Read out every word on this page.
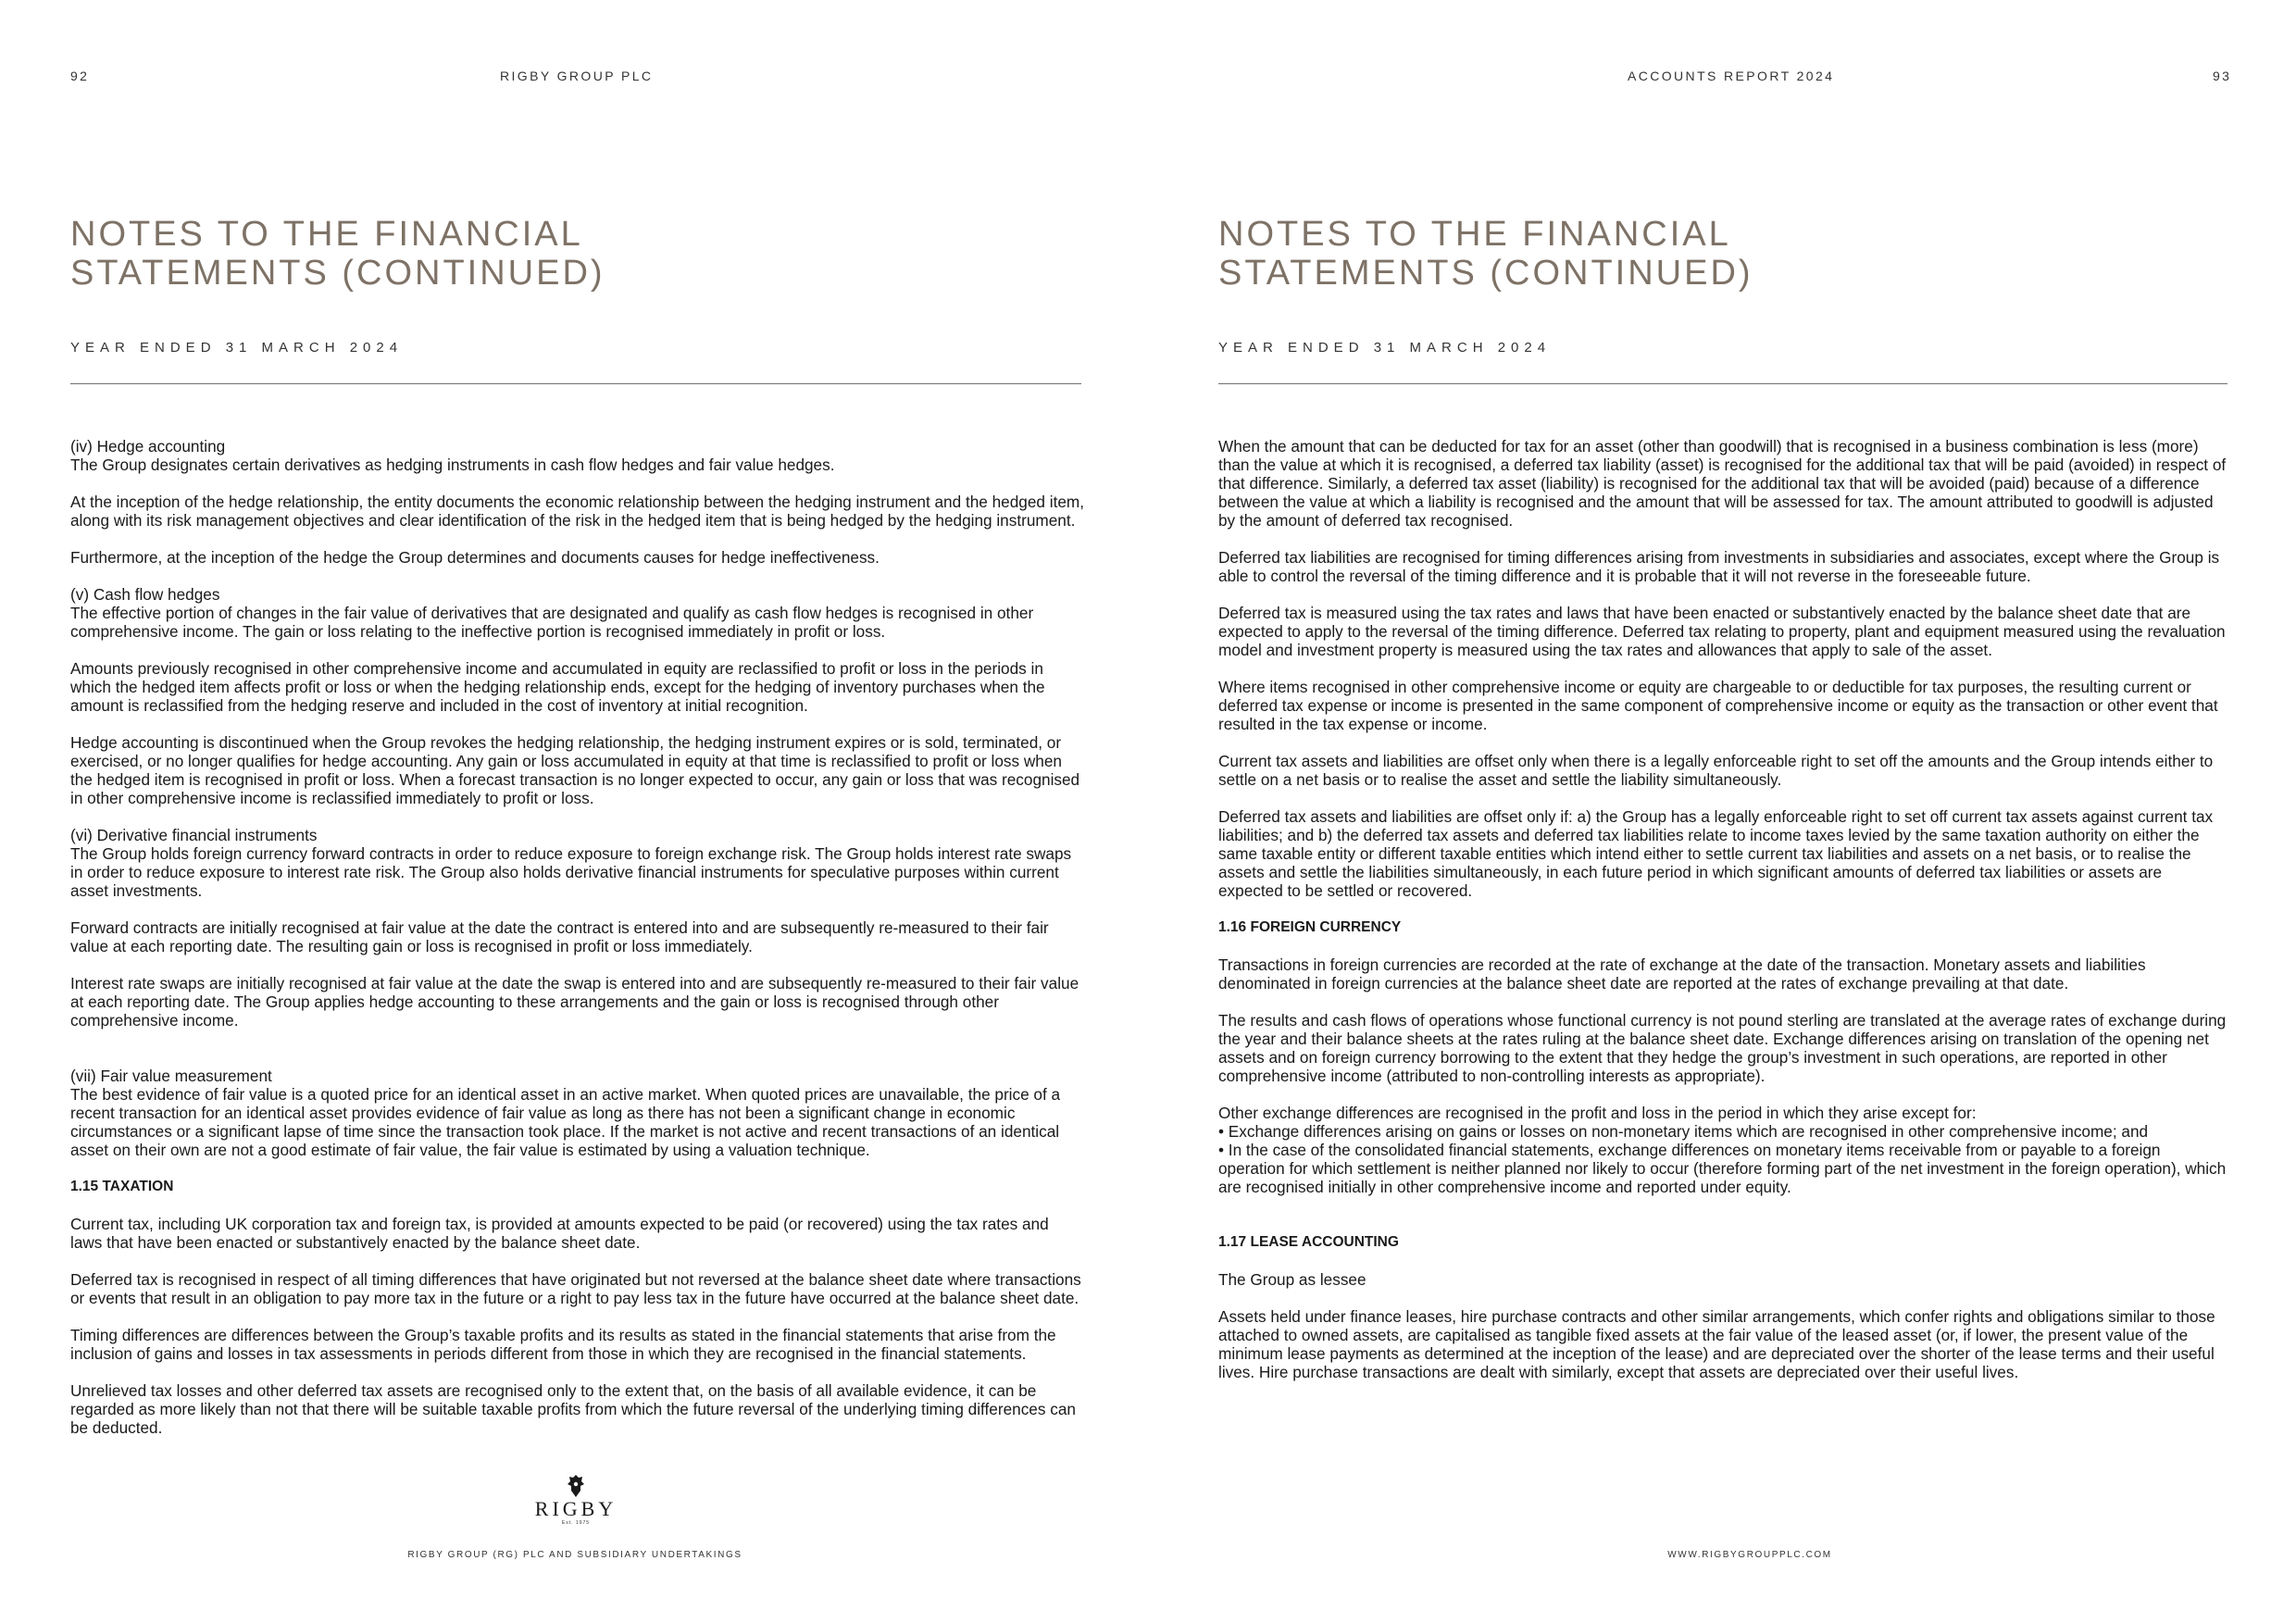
92	RIGBY GROUP PLC
NOTES TO THE FINANCIAL
STATEMENTS (CONTINUED)
YEAR ENDED 31 MARCH 2024

(iv) Hedge accounting

The Group designates certain derivatives as hedging instruments in cash flow hedges and fair value hedges.

At the inception of the hedge relationship, the entity documents the economic relationship between the hedging instrument and the hedged item, along with its risk management objectives and clear identification of the risk in the hedged item that is being hedged by the hedging instrument.

Furthermore, at the inception of the hedge the Group determines and documents causes for hedge ineffectiveness.

(v) Cash flow hedges

The effective portion of changes in the fair value of derivatives that are designated and qualify as cash flow hedges is recognised in other comprehensive income. The gain or loss relating to the ineffective portion is recognised immediately in profit or loss.

Amounts previously recognised in other comprehensive income and accumulated in equity are reclassified to profit or loss in the periods in which the hedged item affects profit or loss or when the hedging relationship ends, except for the hedging of inventory purchases when the amount is reclassified from the hedging reserve and included in the cost of inventory at initial recognition.

Hedge accounting is discontinued when the Group revokes the hedging relationship, the hedging instrument expires or is sold, terminated, or exercised, or no longer qualifies for hedge accounting. Any gain or loss accumulated in equity at that time is reclassified to profit or loss when the hedged item is recognised in profit or loss. When a forecast transaction is no longer expected to occur, any gain or loss that was recognised in other comprehensive income is reclassified immediately to profit or loss.

(vi) Derivative financial instruments

The Group holds foreign currency forward contracts in order to reduce exposure to foreign exchange risk. The Group holds interest rate swaps in order to reduce exposure to interest rate risk. The Group also holds derivative financial instruments for speculative purposes within current asset investments.

Forward contracts are initially recognised at fair value at the date the contract is entered into and are subsequently re-measured to their fair value at each reporting date. The resulting gain or loss is recognised in profit or loss immediately.

Interest rate swaps are initially recognised at fair value at the date the swap is entered into and are subsequently re-measured to their fair value at each reporting date. The Group applies hedge accounting to these arrangements and the gain or loss is recognised through other comprehensive income.

(vii) Fair value measurement

The best evidence of fair value is a quoted price for an identical asset in an active market. When quoted prices are unavailable, the price of a recent transaction for an identical asset provides evidence of fair value as long as there has not been a significant change in economic circumstances or a significant lapse of time since the transaction took place. If the market is not active and recent transactions of an identical asset on their own are not a good estimate of fair value, the fair value is estimated by using a valuation technique.

1.15 TAXATION

Current tax, including UK corporation tax and foreign tax, is provided at amounts expected to be paid (or recovered) using the tax rates and laws that have been enacted or substantively enacted by the balance sheet date.

Deferred tax is recognised in respect of all timing differences that have originated but not reversed at the balance sheet date where transactions or events that result in an obligation to pay more tax in the future or a right to pay less tax in the future have occurred at the balance sheet date.

Timing differences are differences between the Group’s taxable profits and its results as stated in the financial statements that arise from the inclusion of gains and losses in tax assessments in periods different from those in which they are recognised in the financial statements.

Unrelieved tax losses and other deferred tax assets are recognised only to the extent that, on the basis of all available evidence, it can be regarded as more likely than not that there will be suitable taxable profits from which the future reversal of the underlying timing differences can be deducted.

RIGBY
Est. 1975
RIGBY GROUP (RG) PLC AND SUBSIDIARY UNDERTAKINGS
ACCOUNTS REPORT 2024	93
NOTES TO THE FINANCIAL
STATEMENTS (CONTINUED)
YEAR ENDED 31 MARCH 2024

When the amount that can be deducted for tax for an asset (other than goodwill) that is recognised in a business combination is less (more) than the value at which it is recognised, a deferred tax liability (asset) is recognised for the additional tax that will be paid (avoided) in respect of that difference. Similarly, a deferred tax asset (liability) is recognised for the additional tax that will be avoided (paid) because of a difference between the value at which a liability is recognised and the amount that will be assessed for tax. The amount attributed to goodwill is adjusted by the amount of deferred tax recognised.

Deferred tax liabilities are recognised for timing differences arising from investments in subsidiaries and associates, except where the Group is able to control the reversal of the timing difference and it is probable that it will not reverse in the foreseeable future.

Deferred tax is measured using the tax rates and laws that have been enacted or substantively enacted by the balance sheet date that are expected to apply to the reversal of the timing difference. Deferred tax relating to property, plant and equipment measured using the revaluation model and investment property is measured using the tax rates and allowances that apply to sale of the asset.

Where items recognised in other comprehensive income or equity are chargeable to or deductible for tax purposes, the resulting current or deferred tax expense or income is presented in the same component of comprehensive income or equity as the transaction or other event that resulted in the tax expense or income.

Current tax assets and liabilities are offset only when there is a legally enforceable right to set off the amounts and the Group intends either to settle on a net basis or to realise the asset and settle the liability simultaneously.

Deferred tax assets and liabilities are offset only if: a) the Group has a legally enforceable right to set off current tax assets against current tax liabilities; and b) the deferred tax assets and deferred tax liabilities relate to income taxes levied by the same taxation authority on either the same taxable entity or different taxable entities which intend either to settle current tax liabilities and assets on a net basis, or to realise the assets and settle the liabilities simultaneously, in each future period in which significant amounts of deferred tax liabilities or assets are expected to be settled or recovered.

1.16 FOREIGN CURRENCY

Transactions in foreign currencies are recorded at the rate of exchange at the date of the transaction. Monetary assets and liabilities denominated in foreign currencies at the balance sheet date are reported at the rates of exchange prevailing at that date.

The results and cash flows of operations whose functional currency is not pound sterling are translated at the average rates of exchange during the year and their balance sheets at the rates ruling at the balance sheet date. Exchange differences arising on translation of the opening net assets and on foreign currency borrowing to the extent that they hedge the group’s investment in such operations, are reported in other comprehensive income (attributed to non-controlling interests as appropriate).

Other exchange differences are recognised in the profit and loss in the period in which they arise except for:

• Exchange differences arising on gains or losses on non-monetary items which are recognised in other comprehensive income; and

• In the case of the consolidated financial statements, exchange differences on monetary items receivable from or payable to a foreign operation for which settlement is neither planned nor likely to occur (therefore forming part of the net investment in the foreign operation), which are recognised initially in other comprehensive income and reported under equity.

1.17 LEASE ACCOUNTING

The Group as lessee

Assets held under finance leases, hire purchase contracts and other similar arrangements, which confer rights and obligations similar to those attached to owned assets, are capitalised as tangible fixed assets at the fair value of the leased asset (or, if lower, the present value of the minimum lease payments as determined at the inception of the lease) and are depreciated over the shorter of the lease terms and their useful lives. Hire purchase transactions are dealt with similarly, except that assets are depreciated over their useful lives.

WWW.RIGBYGROUPPLC.COM
